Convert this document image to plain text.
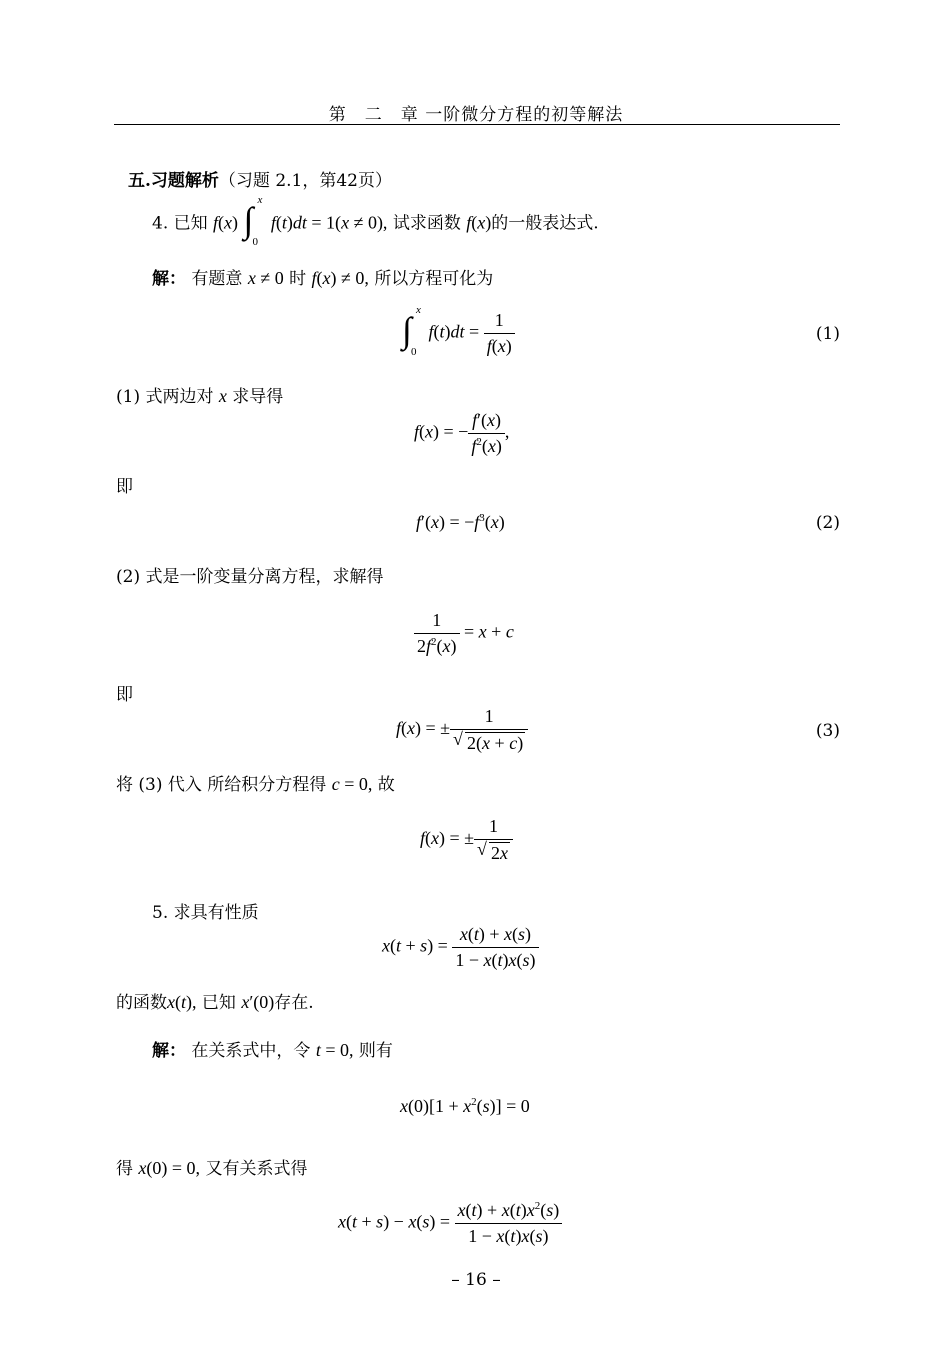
第　二　章 一阶微分方程的初等解法
五.习题解析（习题 2.1，第42页）
4. 已知 f(x) ∫ x
0
f(t)dt = 1(x ≠ 0), 试求函数 f(x)的一般表达式.
解： 有题意 x ≠ 0 时 f(x) ≠ 0, 所以方程可化为
∫ x
0
$f(t)dt = \frac{1}{f(x)}$	(1)
(1) 式两边对 x 求导得
f(x) = − $\frac{f'(x)}{f^2(x)}$ ,
即
$f'(x) = -f^3(x)$	(2)
(2) 式是一阶变量分离方程，求解得
$\frac{1}{2f^2(x)} = x + c$
即
f(x) = ± $\frac{1}{√ 2(x + c)}$	(3)
将 (3) 代入 所给积分方程得 c = 0, 故
f(x) = ± $\frac{1}{√ 2x}$
5. 求具有性质
$x(t + s) = \frac{x(t) + x(s)}{1 - x(t)x(s)}$
的函数x(t), 已知 x′(0)存在.
解： 在关系式中，令 t = 0, 则有
$x(0)[1 + x^2(s)] = 0$
得 x(0) = 0, 又有关系式得
$x(t + s) - x(s) = \frac{x(t) + x(t)x^2(s)}{1 - x(t)x(s)}$
– 16 –
